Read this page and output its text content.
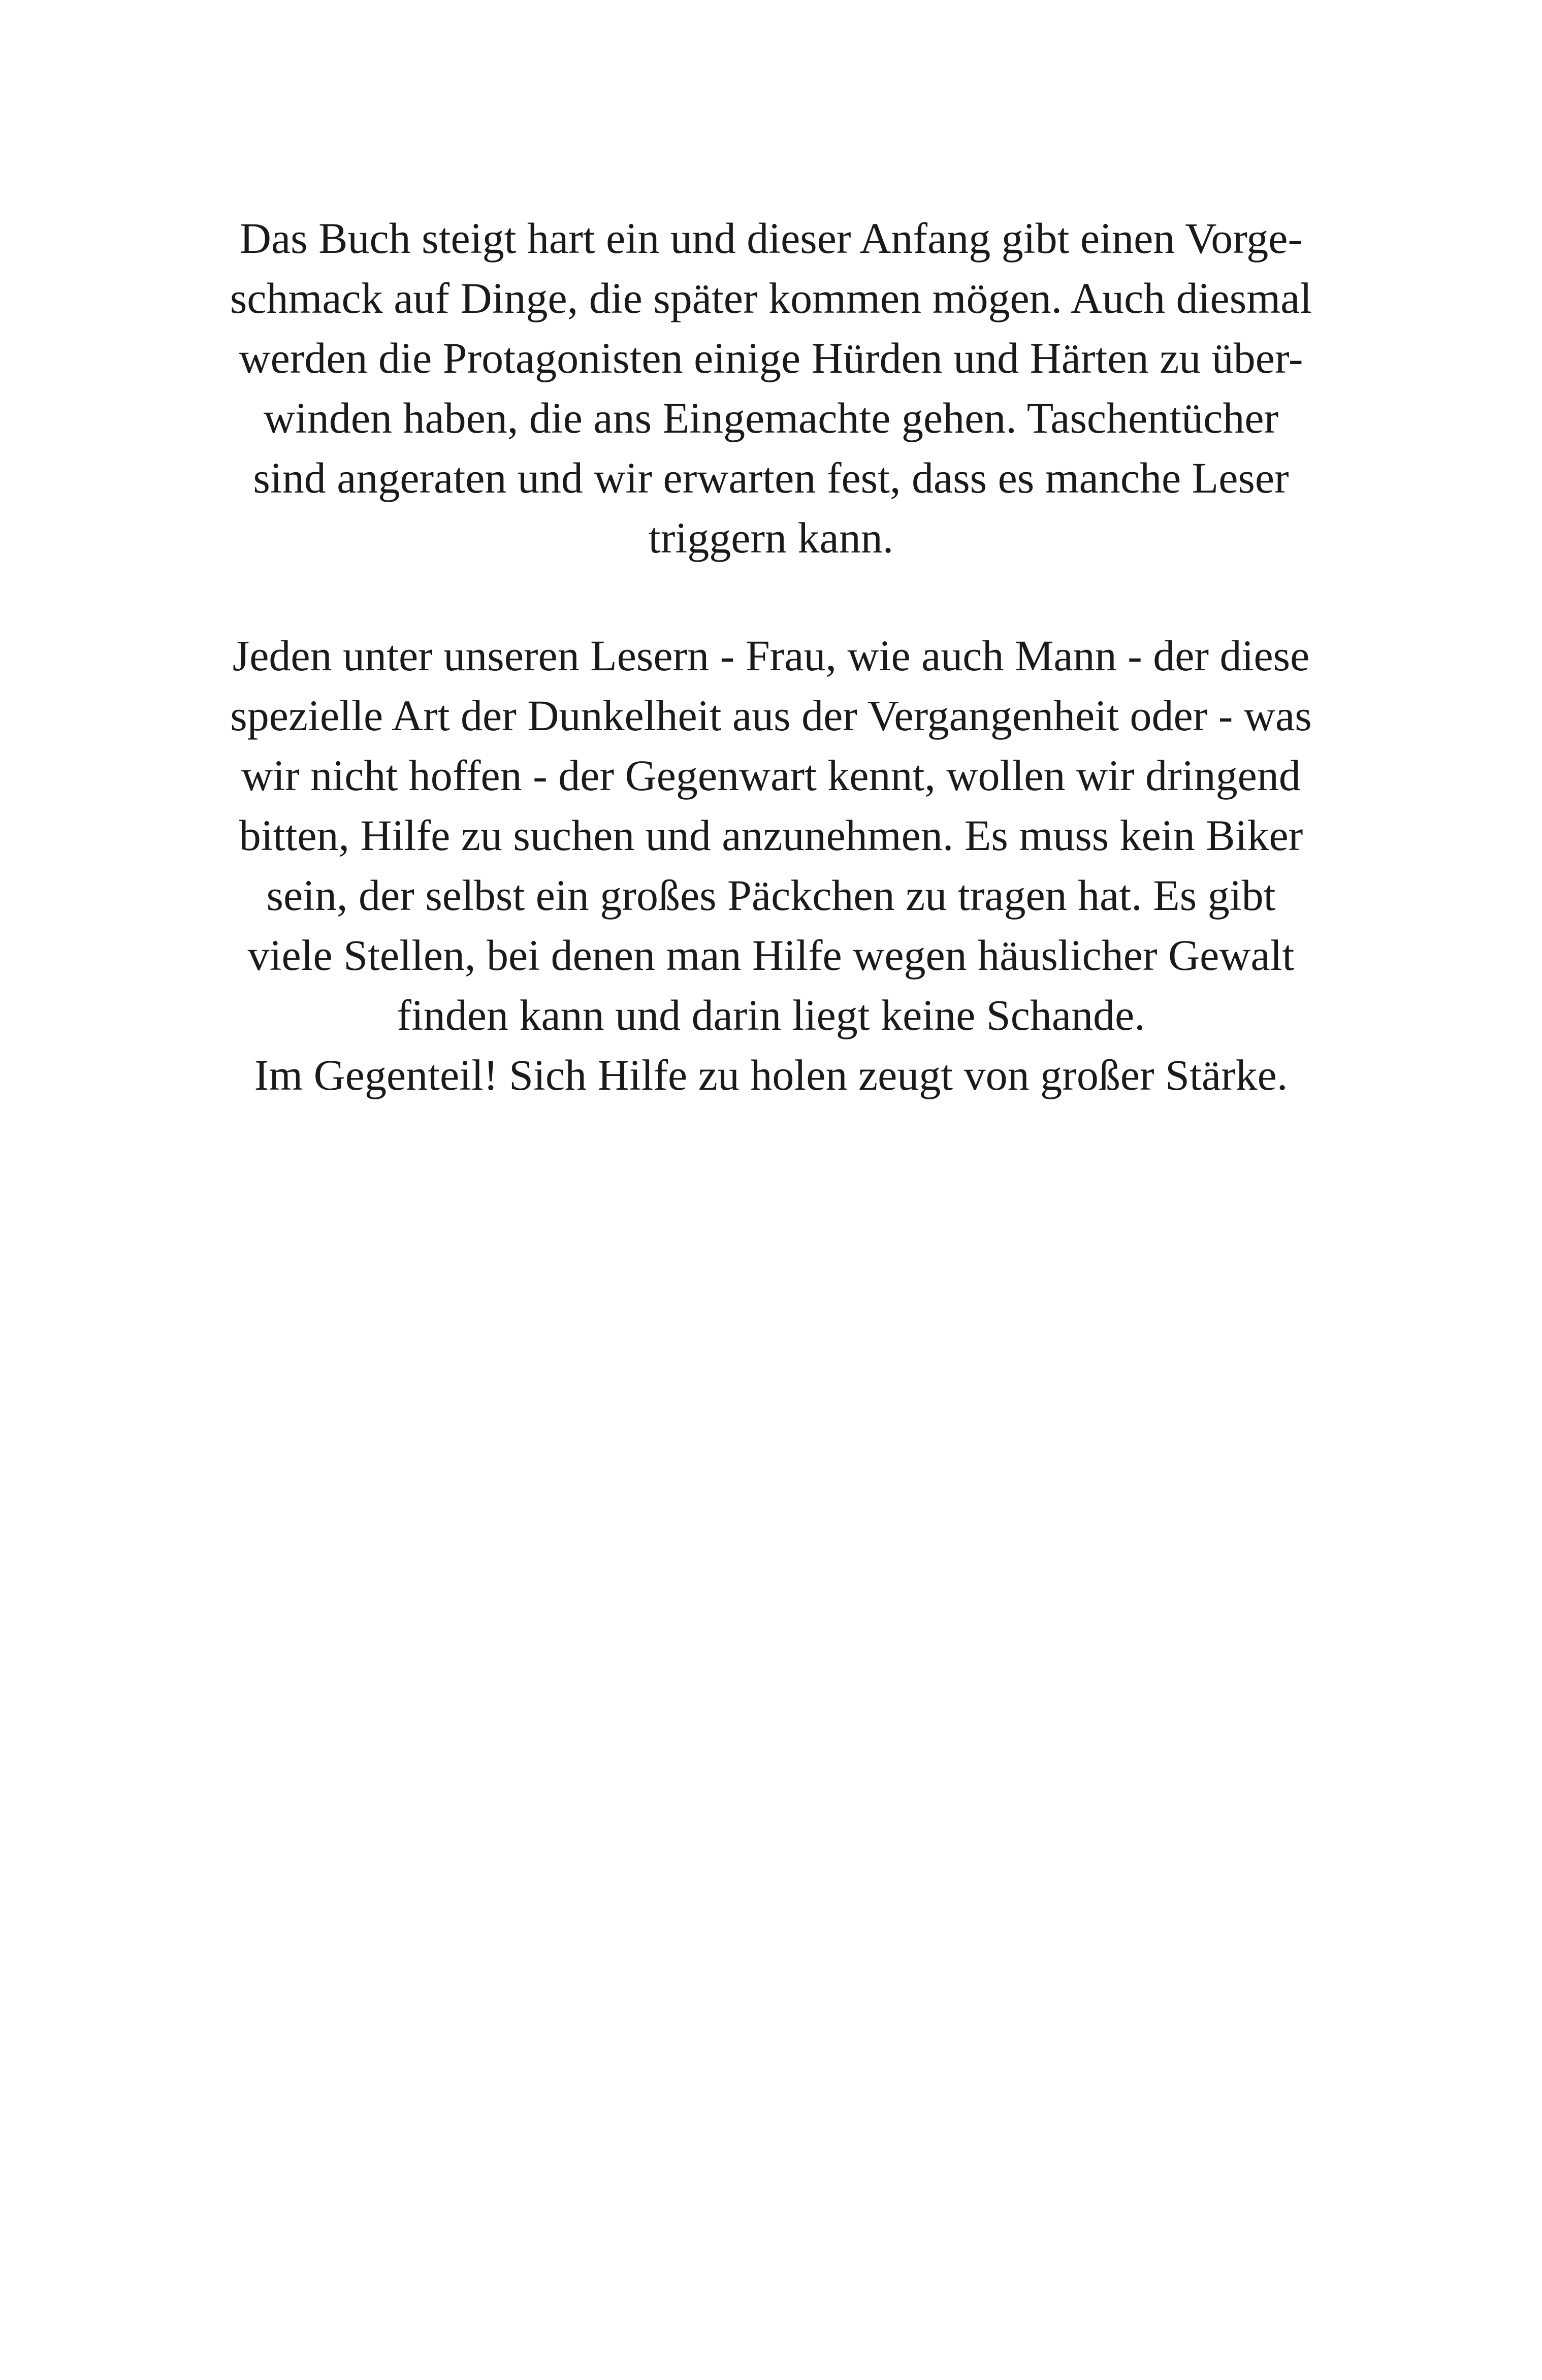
Das Buch steigt hart ein und dieser Anfang gibt einen Vorge-
schmack auf Dinge, die später kommen mögen. Auch diesmal
werden die Protagonisten einige Hürden und Härten zu über-
winden haben, die ans Eingemachte gehen. Taschentücher
sind angeraten und wir erwarten fest, dass es manche Leser
triggern kann.

Jeden unter unseren Lesern - Frau, wie auch Mann - der diese
spezielle Art der Dunkelheit aus der Vergangenheit oder - was
wir nicht hoffen - der Gegenwart kennt, wollen wir dringend
bitten, Hilfe zu suchen und anzunehmen. Es muss kein Biker
sein, der selbst ein großes Päckchen zu tragen hat. Es gibt
viele Stellen, bei denen man Hilfe wegen häuslicher Gewalt
finden kann und darin liegt keine Schande.
Im Gegenteil! Sich Hilfe zu holen zeugt von großer Stärke.
